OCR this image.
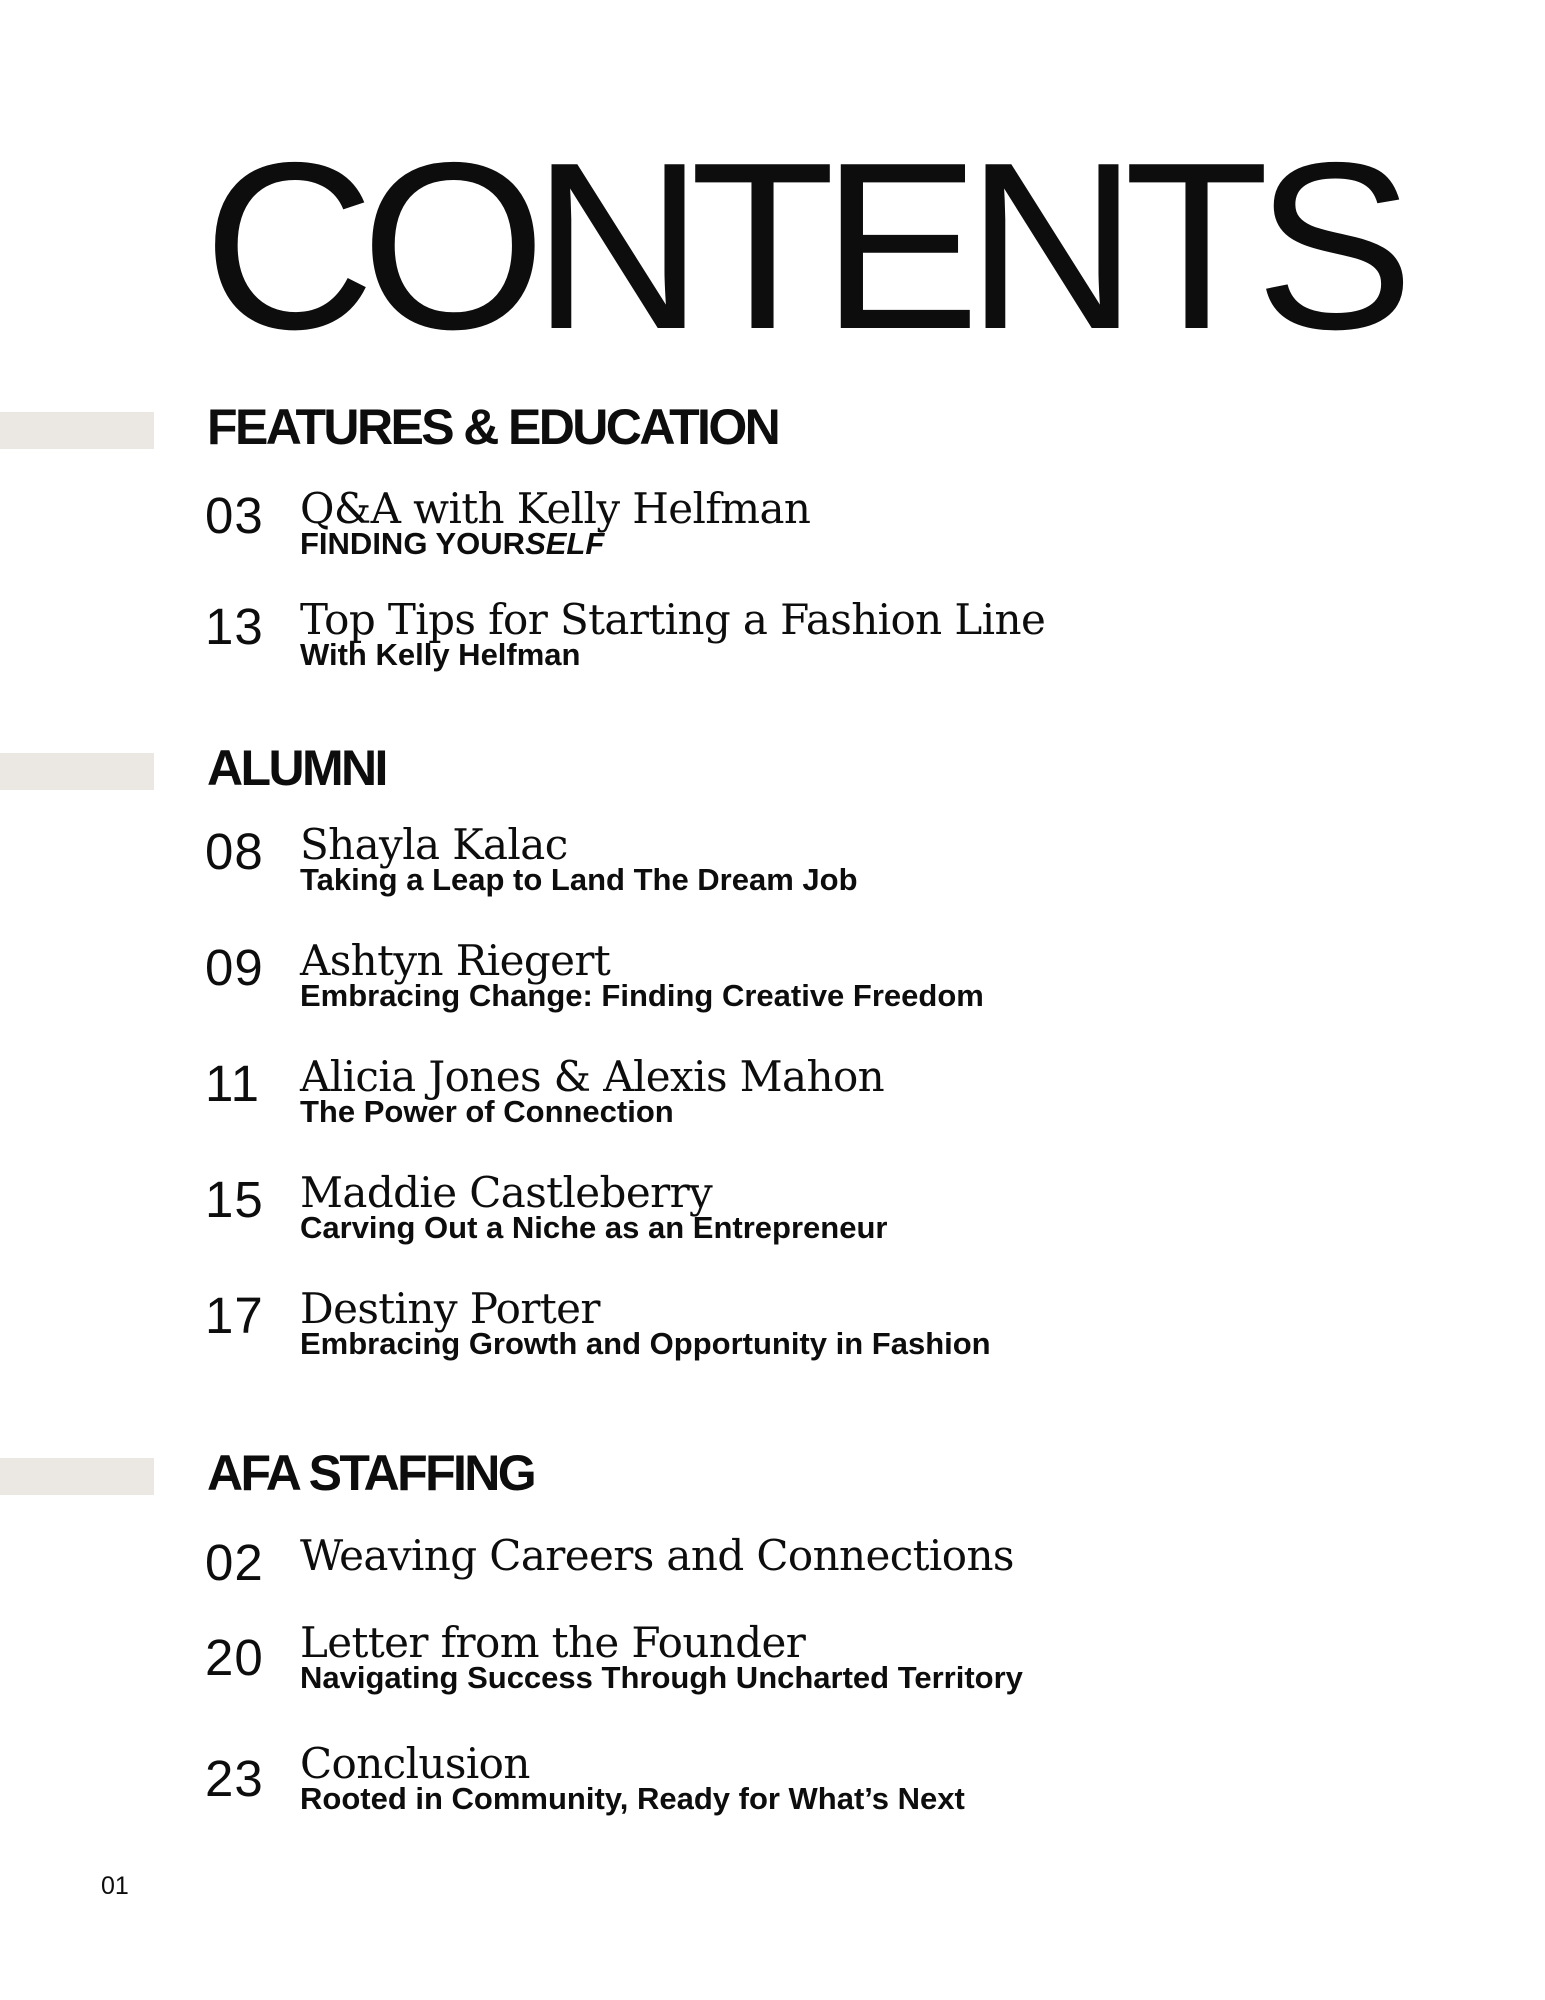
CONTENTS
FEATURES & EDUCATION
03 Q&A with Kelly Helfman
FINDING YOURSELF
13 Top Tips for Starting a Fashion Line
With Kelly Helfman
ALUMNI
08 Shayla Kalac
Taking a Leap to Land The Dream Job
09 Ashtyn Riegert
Embracing Change: Finding Creative Freedom
11 Alicia Jones & Alexis Mahon
The Power of Connection
15 Maddie Castleberry
Carving Out a Niche as an Entrepreneur
17 Destiny Porter
Embracing Growth and Opportunity in Fashion
AFA STAFFING
02 Weaving Careers and Connections
20 Letter from the Founder
Navigating Success Through Uncharted Territory
23 Conclusion
Rooted in Community, Ready for What’s Next
01
